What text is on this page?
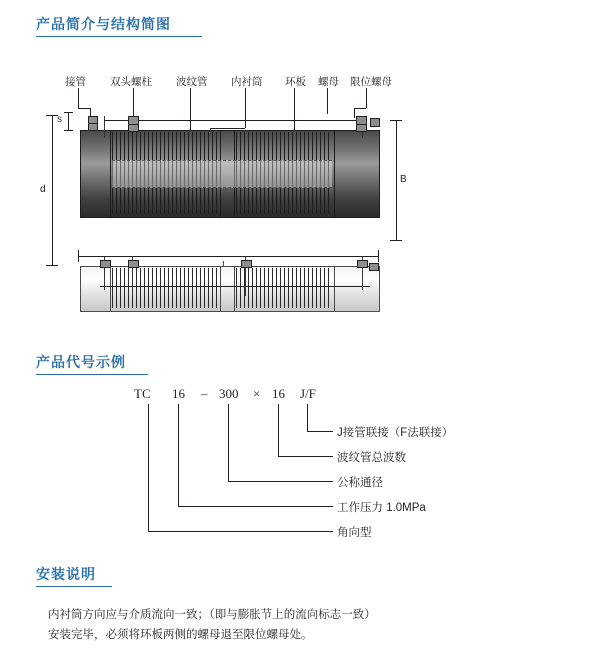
产品简介与结构简图
接管 双头螺柱 波纹管 内衬筒 环板 螺母 限位螺母
d
s
B
产品代号示例
TC 16 – 300 × 16 J/F
J接管联接（F法联接）
波纹管总波数
公称通径
工作压力 1.0MPa
角向型
安装说明
内衬筒方向应与介质流向一致；（即与膨胀节上的流向标志一致）
安装完毕，必须将环板两侧的螺母退至限位螺母处。
